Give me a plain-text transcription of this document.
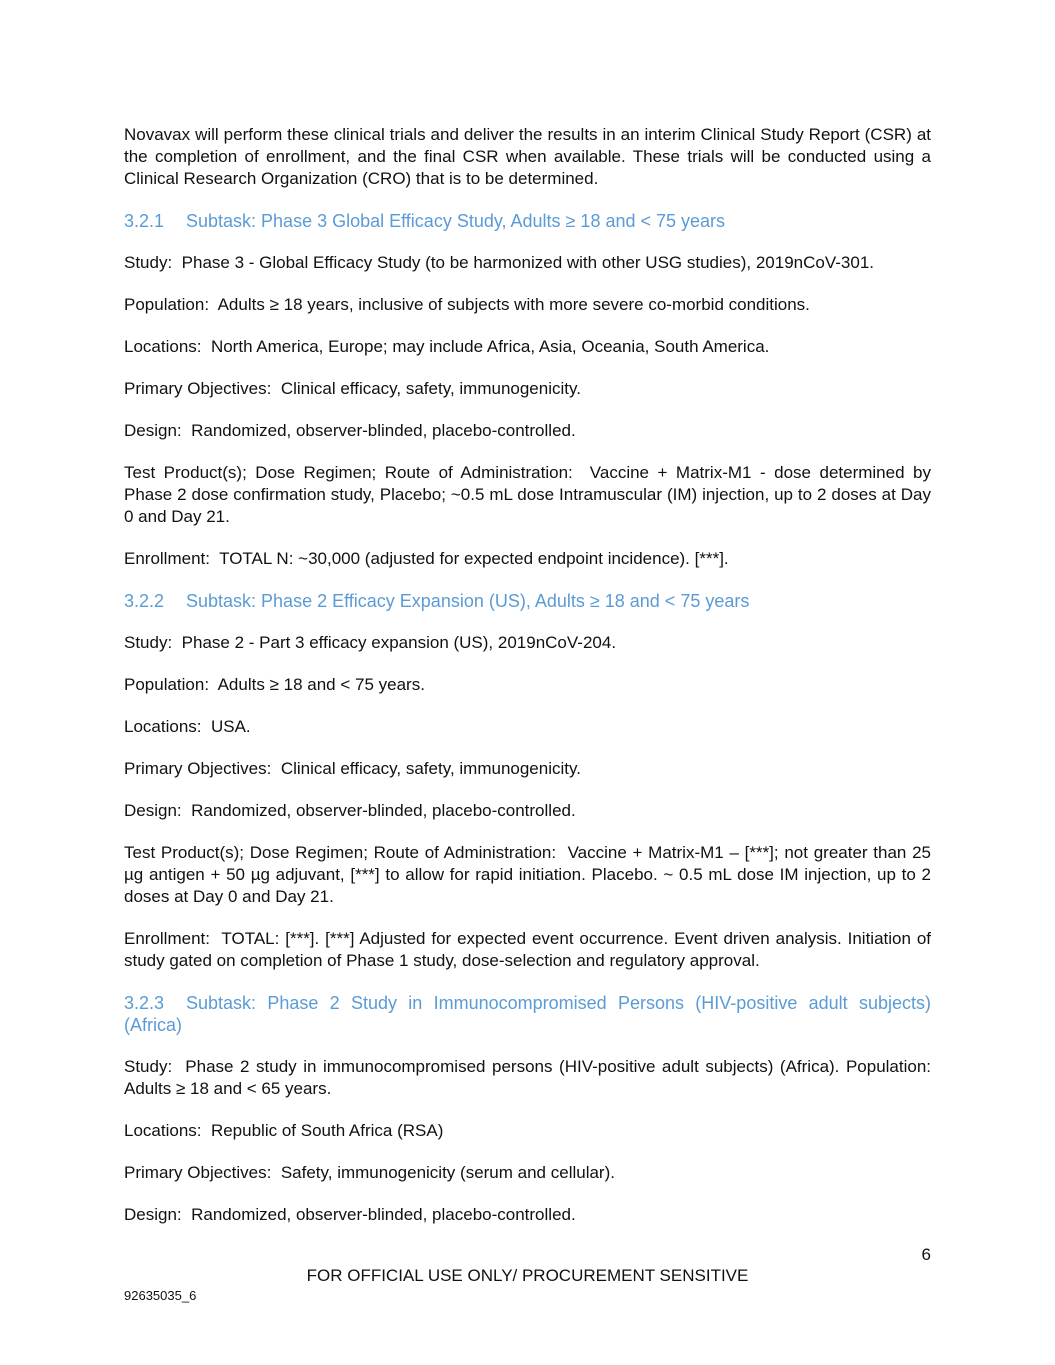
Novavax will perform these clinical trials and deliver the results in an interim Clinical Study Report (CSR) at the completion of enrollment, and the final CSR when available. These trials will be conducted using a Clinical Research Organization (CRO) that is to be determined.

3.2.1 Subtask: Phase 3 Global Efficacy Study, Adults ≥ 18 and < 75 years

Study: Phase 3 - Global Efficacy Study (to be harmonized with other USG studies), 2019nCoV-301.

Population: Adults ≥ 18 years, inclusive of subjects with more severe co-morbid conditions.

Locations: North America, Europe; may include Africa, Asia, Oceania, South America.

Primary Objectives: Clinical efficacy, safety, immunogenicity.

Design: Randomized, observer-blinded, placebo-controlled.

Test Product(s); Dose Regimen; Route of Administration: Vaccine + Matrix-M1 - dose determined by Phase 2 dose confirmation study, Placebo; ~0.5 mL dose Intramuscular (IM) injection, up to 2 doses at Day 0 and Day 21.

Enrollment: TOTAL N: ~30,000 (adjusted for expected endpoint incidence). [***].

3.2.2 Subtask: Phase 2 Efficacy Expansion (US), Adults ≥ 18 and < 75 years

Study: Phase 2 - Part 3 efficacy expansion (US), 2019nCoV-204.

Population: Adults ≥ 18 and < 75 years.

Locations: USA.

Primary Objectives: Clinical efficacy, safety, immunogenicity.

Design: Randomized, observer-blinded, placebo-controlled.

Test Product(s); Dose Regimen; Route of Administration: Vaccine + Matrix-M1 – [***]; not greater than 25 µg antigen + 50 µg adjuvant, [***] to allow for rapid initiation. Placebo. ~ 0.5 mL dose IM injection, up to 2 doses at Day 0 and Day 21.

Enrollment: TOTAL: [***]. [***] Adjusted for expected event occurrence. Event driven analysis. Initiation of study gated on completion of Phase 1 study, dose-selection and regulatory approval.

3.2.3 Subtask: Phase 2 Study in Immunocompromised Persons (HIV-positive adult subjects) (Africa)

Study: Phase 2 study in immunocompromised persons (HIV-positive adult subjects) (Africa). Population: Adults ≥ 18 and < 65 years.

Locations: Republic of South Africa (RSA)

Primary Objectives: Safety, immunogenicity (serum and cellular).

Design: Randomized, observer-blinded, placebo-controlled.

6
FOR OFFICIAL USE ONLY/ PROCUREMENT SENSITIVE
92635035_6
